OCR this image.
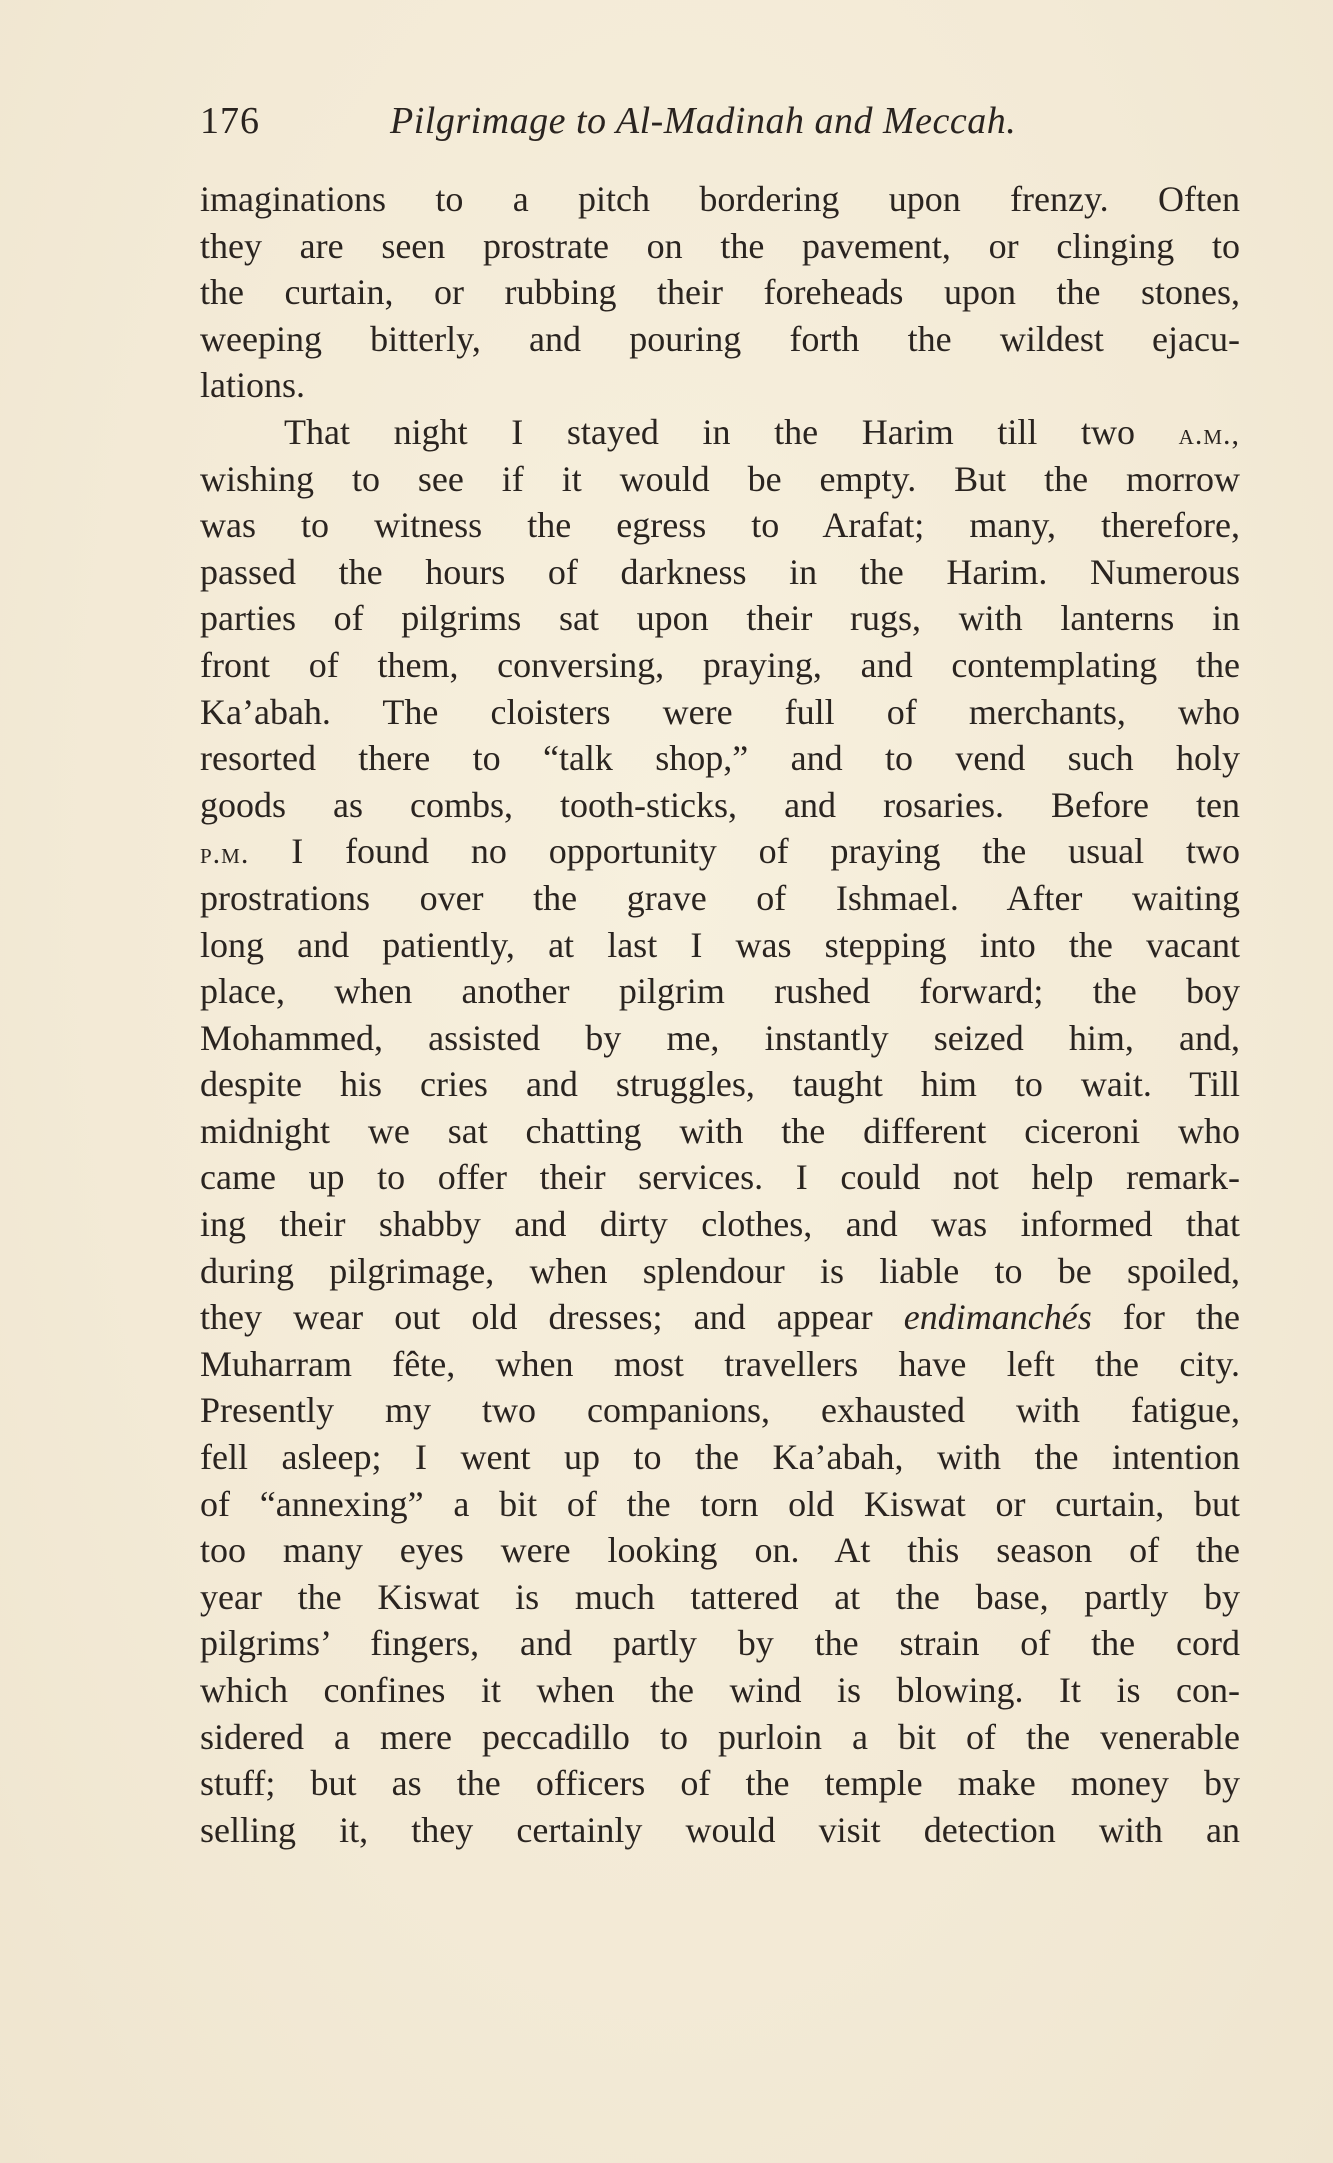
176	Pilgrimage to Al-Madinah and Meccah.
imaginations to a pitch bordering upon frenzy. Often
they are seen prostrate on the pavement, or clinging to
the curtain, or rubbing their foreheads upon the stones,
weeping bitterly, and pouring forth the wildest ejacu-
lations.
That night I stayed in the Harim till two a.m.,
wishing to see if it would be empty. But the morrow
was to witness the egress to Arafat; many, therefore,
passed the hours of darkness in the Harim. Numerous
parties of pilgrims sat upon their rugs, with lanterns in
front of them, conversing, praying, and contemplating the
Ka’abah. The cloisters were full of merchants, who
resorted there to “talk shop,” and to vend such holy
goods as combs, tooth-sticks, and rosaries. Before ten
p.m. I found no opportunity of praying the usual two
prostrations over the grave of Ishmael. After waiting
long and patiently, at last I was stepping into the vacant
place, when another pilgrim rushed forward; the boy
Mohammed, assisted by me, instantly seized him, and,
despite his cries and struggles, taught him to wait. Till
midnight we sat chatting with the different ciceroni who
came up to offer their services. I could not help remark-
ing their shabby and dirty clothes, and was informed that
during pilgrimage, when splendour is liable to be spoiled,
they wear out old dresses; and appear endimanchés for the
Muharram fête, when most travellers have left the city.
Presently my two companions, exhausted with fatigue,
fell asleep; I went up to the Ka’abah, with the intention
of “annexing” a bit of the torn old Kiswat or curtain, but
too many eyes were looking on. At this season of the
year the Kiswat is much tattered at the base, partly by
pilgrims’ fingers, and partly by the strain of the cord
which confines it when the wind is blowing. It is con-
sidered a mere peccadillo to purloin a bit of the venerable
stuff; but as the officers of the temple make money by
selling it, they certainly would visit detection with an
